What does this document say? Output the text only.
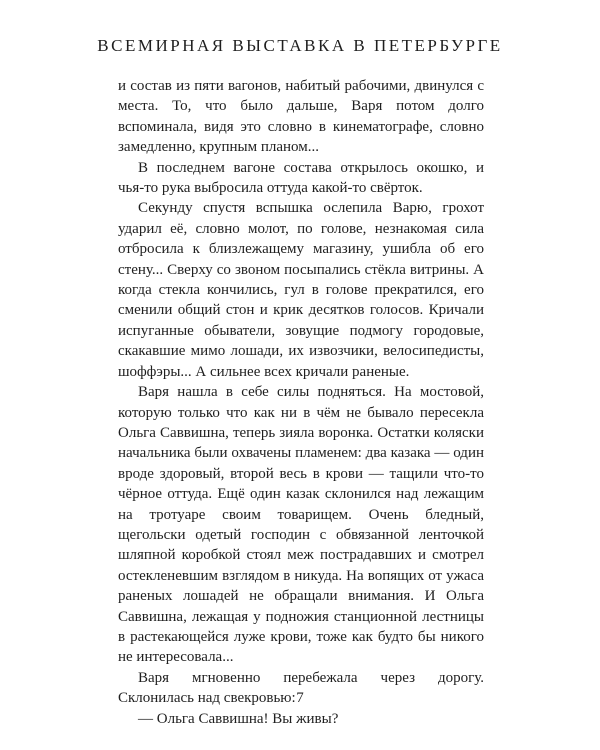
ВСЕМИРНАЯ ВЫСТАВКА В ПЕТЕРБУРГЕ

и состав из пяти вагонов, набитый рабочими, двинулся с места. То, что было дальше, Варя потом долго вспоминала, видя это словно в кинематографе, словно замедленно, крупным планом...

В последнем вагоне состава открылось окошко, и чья-то рука выбросила оттуда какой-то свёрток.

Секунду спустя вспышка ослепила Варю, грохот ударил её, словно молот, по голове, незнакомая сила отбросила к близлежащему магазину, ушибла об его стену... Сверху со звоном посыпались стёкла витрины. А когда стекла кончились, гул в голове прекратился, его сменили общий стон и крик десятков голосов. Кричали испуганные обыватели, зовущие подмогу городовые, скакавшие мимо лошади, их извозчики, велосипедисты, шоффэры... А сильнее всех кричали раненые.

Варя нашла в себе силы подняться. На мостовой, которую только что как ни в чём не бывало пересекла Ольга Саввишна, теперь зияла воронка. Остатки коляски начальника были охвачены пламенем: два казака — один вроде здоровый, второй весь в крови — тащили что-то чёрное оттуда. Ещё один казак склонился над лежащим на тротуаре своим товарищем. Очень бледный, щегольски одетый господин с обвязанной ленточкой шляпной коробкой стоял меж пострадавших и смотрел остекленевшим взглядом в никуда. На вопящих от ужаса раненых лошадей не обращали внимания. И Ольга Саввишна, лежащая у подножия станционной лестницы в растекающейся луже крови, тоже как будто бы никого не интересовала...

Варя мгновенно перебежала через дорогу. Склонилась над свекровью:

— Ольга Саввишна! Вы живы?

7
